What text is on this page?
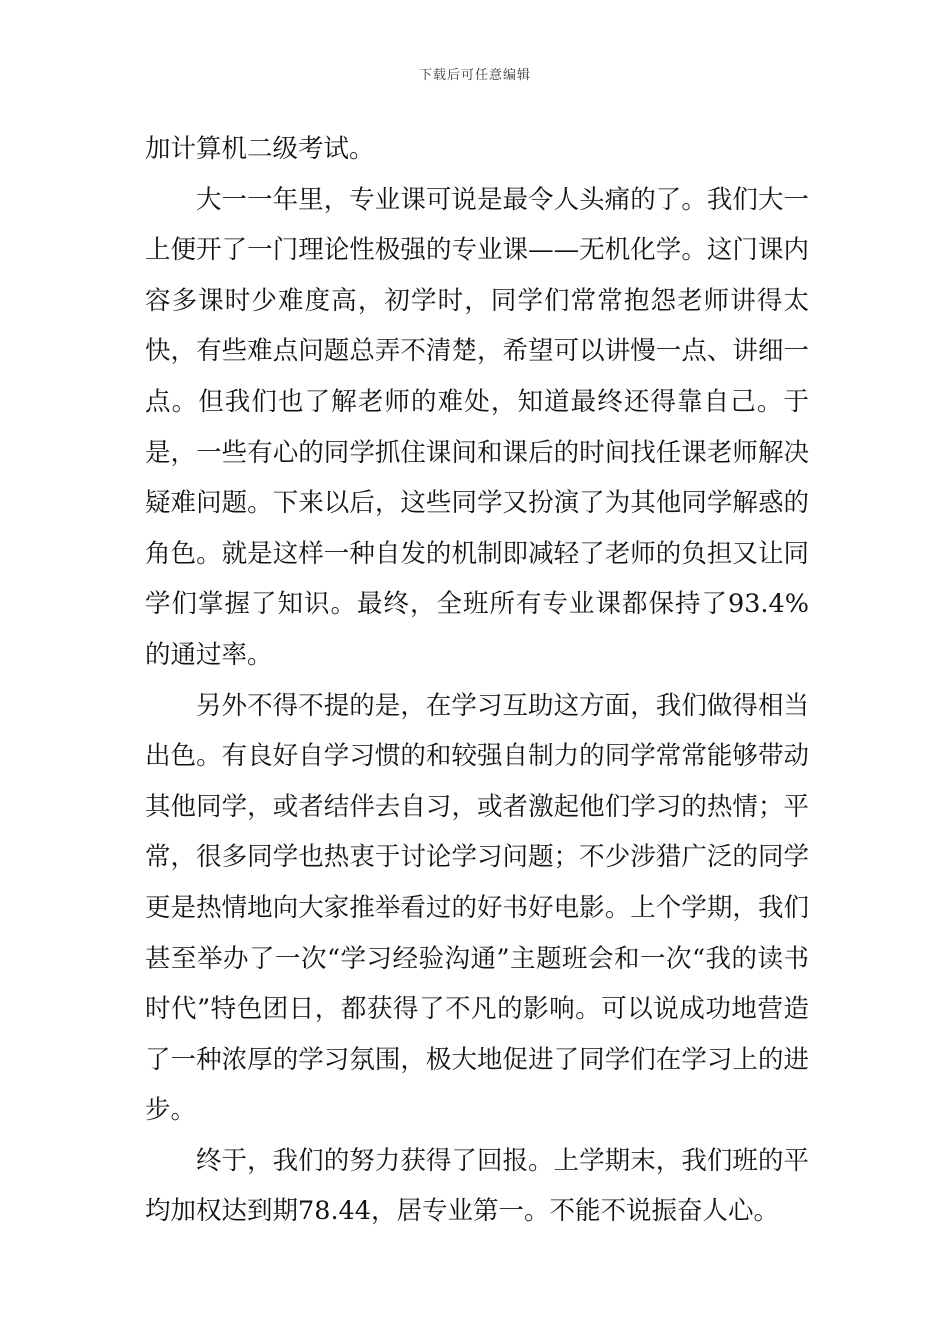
下载后可任意编辑

加计算机二级考试。

大一一年里，专业课可说是最令人头痛的了。我们大一上便开了一门理论性极强的专业课——无机化学。这门课内容多课时少难度高，初学时，同学们常常抱怨老师讲得太快，有些难点问题总弄不清楚，希望可以讲慢一点、讲细一点。但我们也了解老师的难处，知道最终还得靠自己。于是，一些有心的同学抓住课间和课后的时间找任课老师解决疑难问题。下来以后，这些同学又扮演了为其他同学解惑的角色。就是这样一种自发的机制即减轻了老师的负担又让同学们掌握了知识。最终，全班所有专业课都保持了93.4%的通过率。

另外不得不提的是，在学习互助这方面，我们做得相当出色。有良好自学习惯的和较强自制力的同学常常能够带动其他同学，或者结伴去自习，或者激起他们学习的热情；平常，很多同学也热衷于讨论学习问题；不少涉猎广泛的同学更是热情地向大家推举看过的好书好电影。上个学期，我们甚至举办了一次“学习经验沟通”主题班会和一次“我的读书时代”特色团日，都获得了不凡的影响。可以说成功地营造了一种浓厚的学习氛围，极大地促进了同学们在学习上的进步。

终于，我们的努力获得了回报。上学期末，我们班的平均加权达到期78.44，居专业第一。不能不说振奋人心。
